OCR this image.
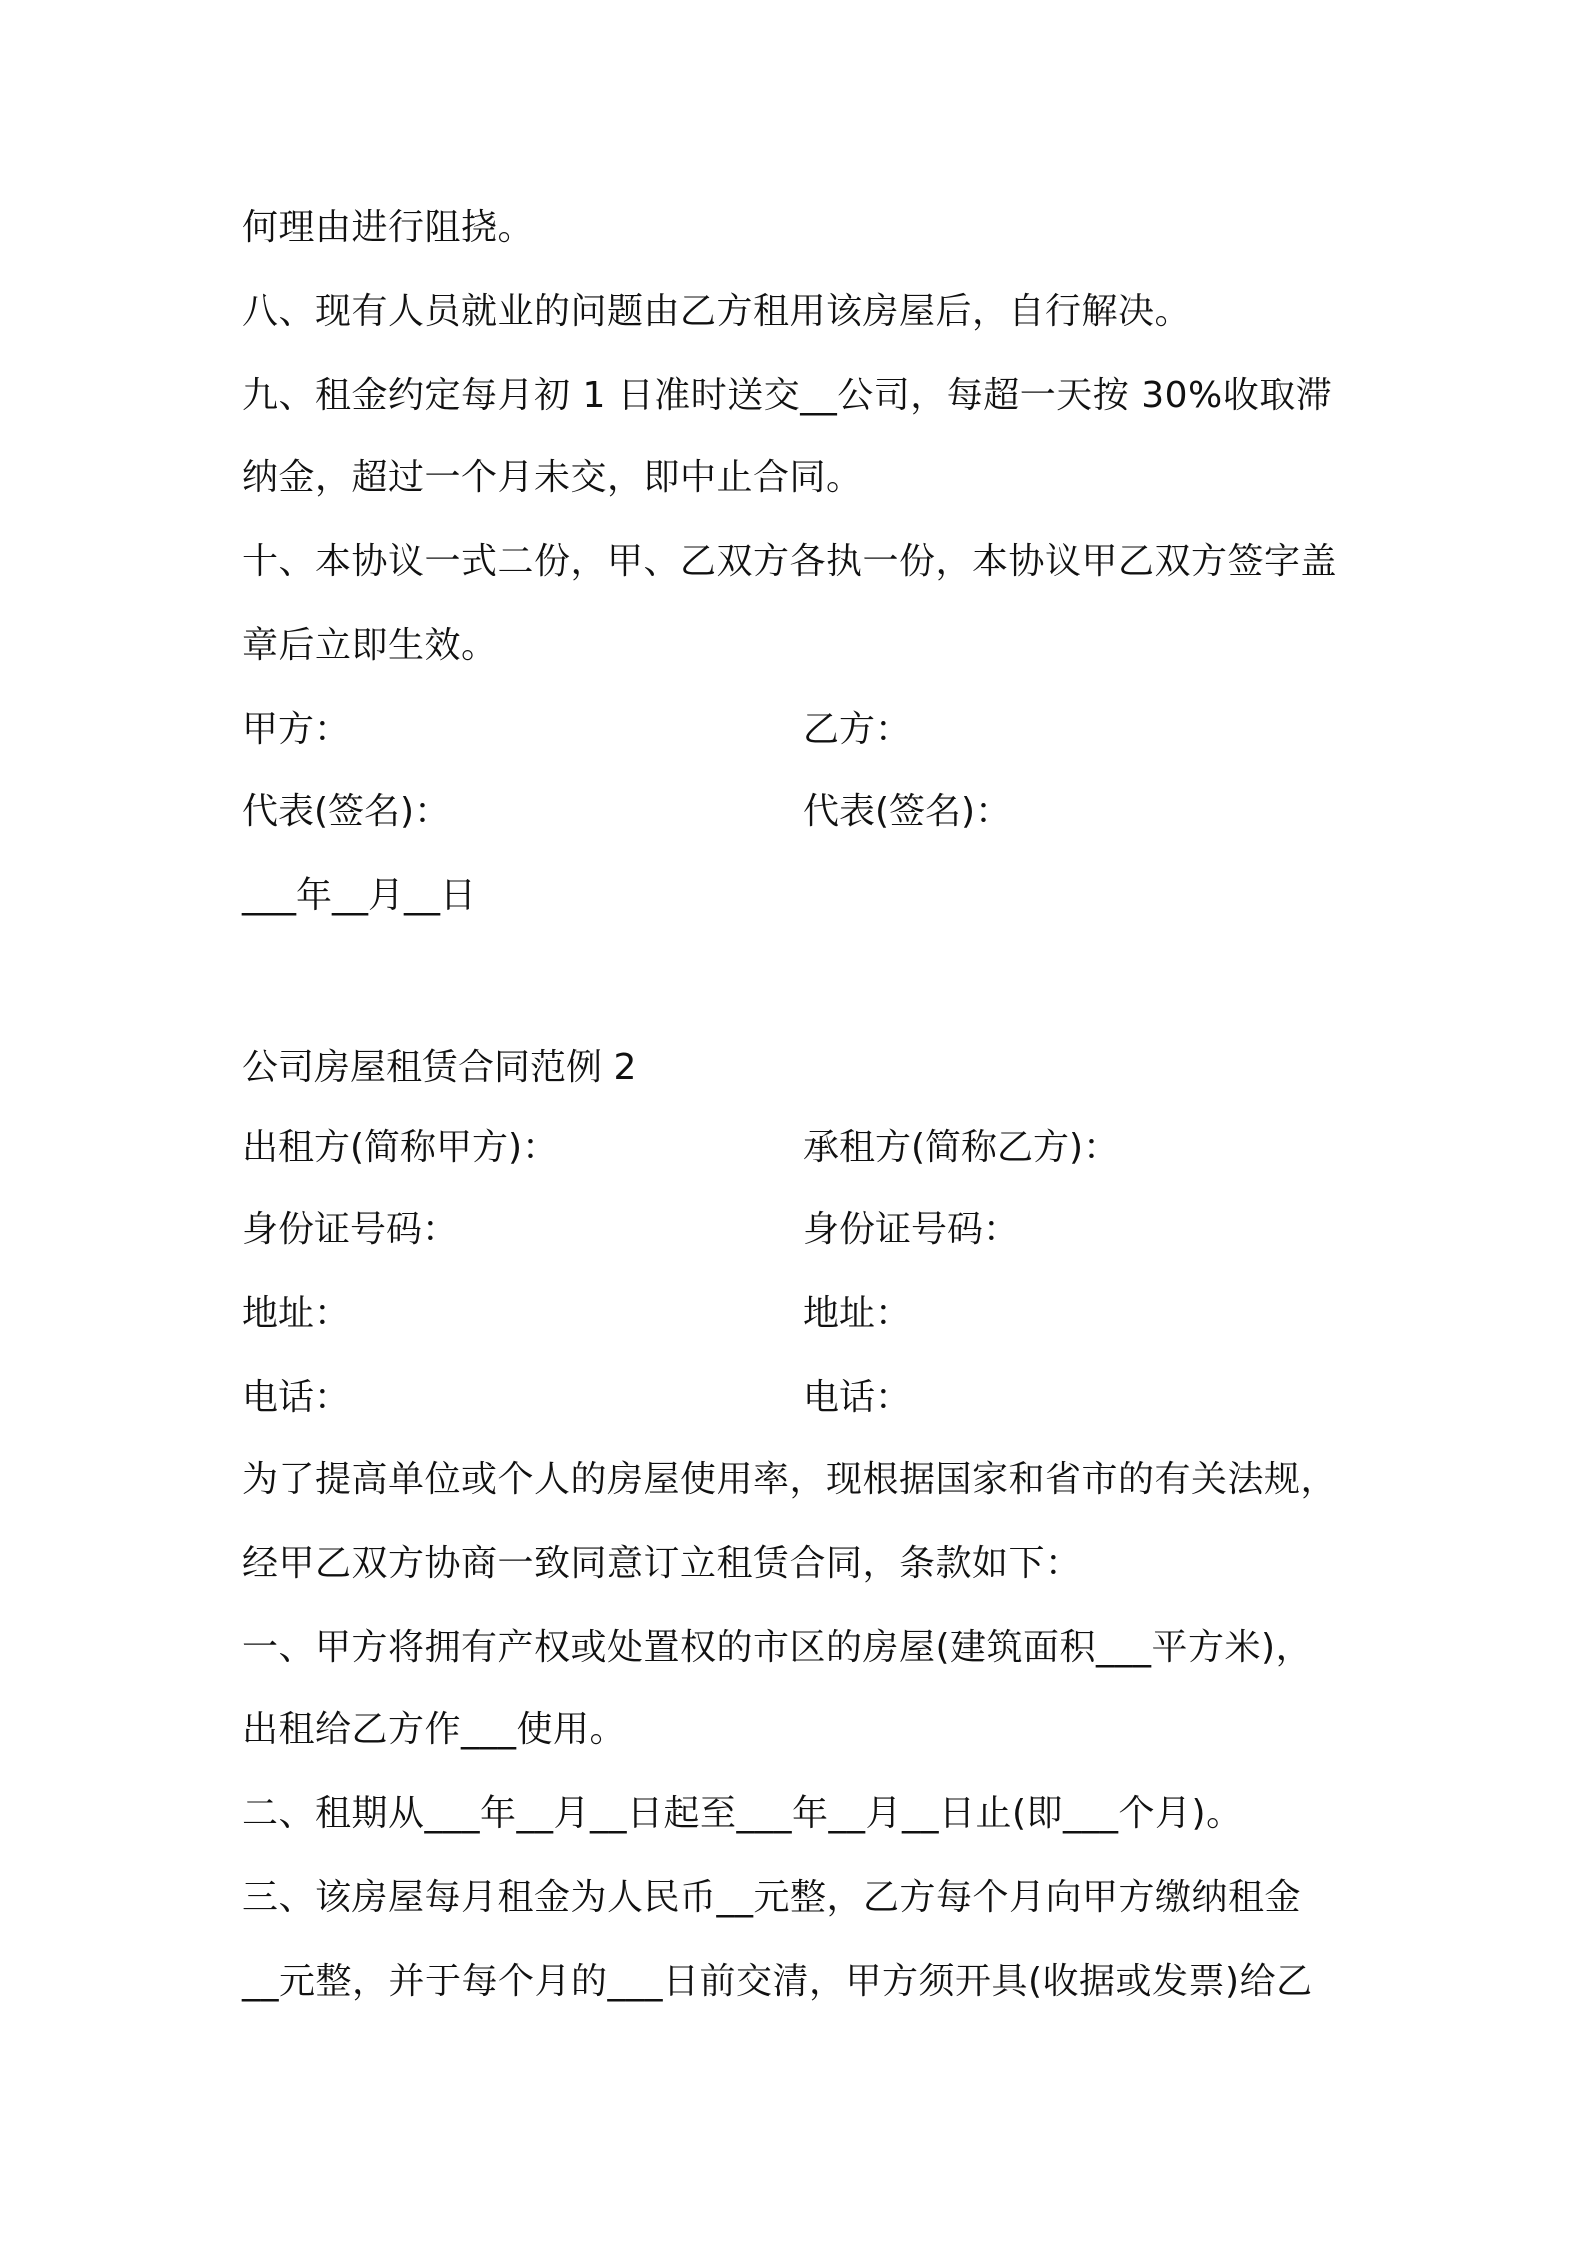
何理由进行阻挠。
八、现有人员就业的问题由乙方租用该房屋后，自行解决。
九、租金约定每月初 1 日准时送交__公司，每超一天按 30%收取滞
纳金，超过一个月未交，即中止合同。
十、本协议一式二份，甲、乙双方各执一份，本协议甲乙双方签字盖
章后立即生效。
甲方：	乙方：
代表(签名)：	代表(签名)：
___年__月__日
公司房屋租赁合同范例 2
出租方(简称甲方)：	承租方(简称乙方)：
身份证号码：	身份证号码：
地址：	地址：
电话：	电话：
为了提高单位或个人的房屋使用率，现根据国家和省市的有关法规，
经甲乙双方协商一致同意订立租赁合同，条款如下：
一、甲方将拥有产权或处置权的市区的房屋(建筑面积___平方米)，
出租给乙方作___使用。
二、租期从___年__月__日起至___年__月__日止(即___个月)。
三、该房屋每月租金为人民币__元整，乙方每个月向甲方缴纳租金
__元整，并于每个月的___日前交清，甲方须开具(收据或发票)给乙
